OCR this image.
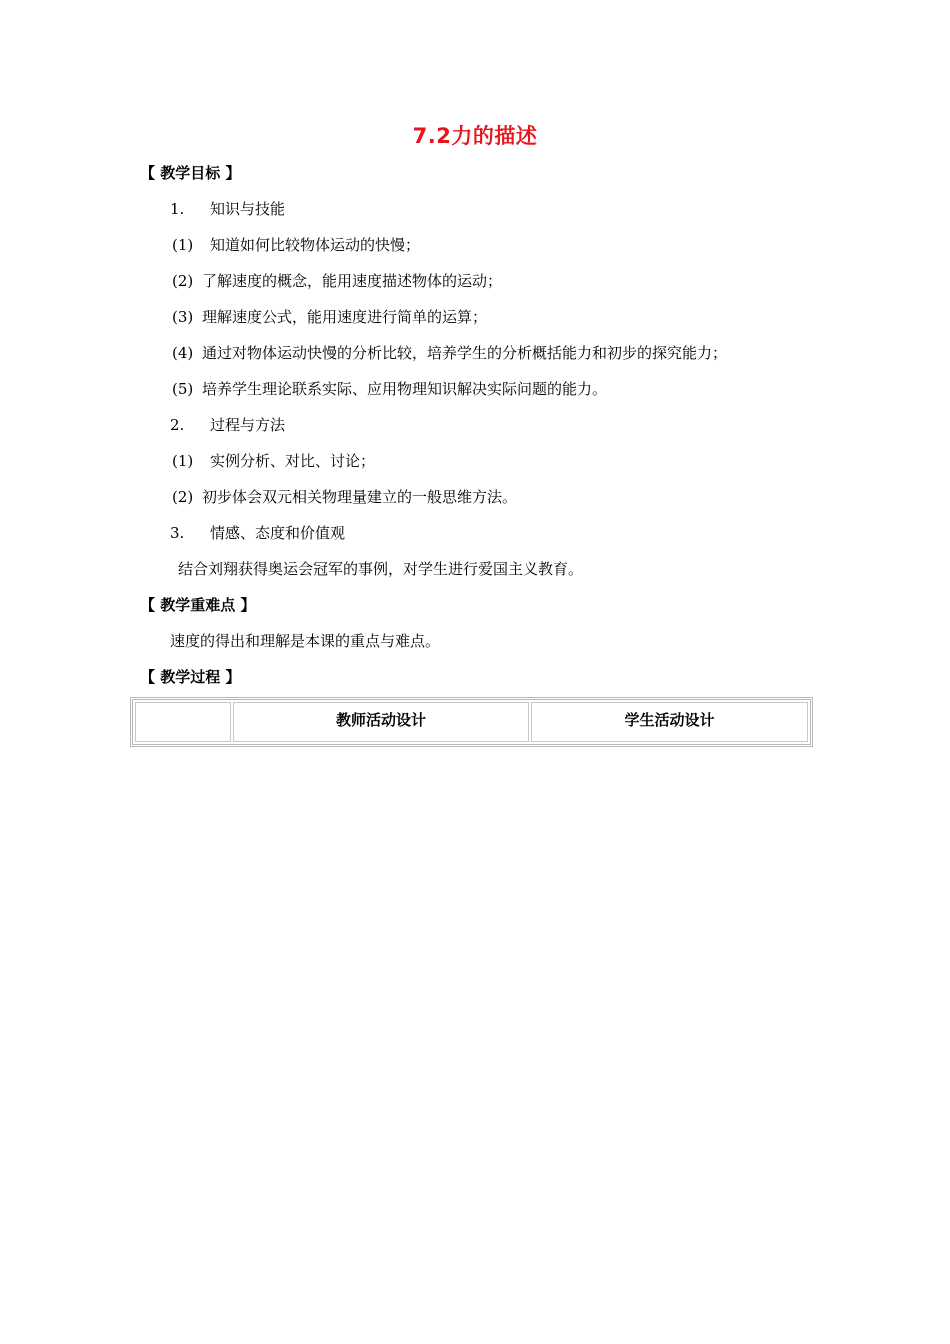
7.2力的描述
【 教学目标 】
1. 知识与技能
(1) 知道如何比较物体运动的快慢；
(2) 了解速度的概念，能用速度描述物体的运动；
(3) 理解速度公式，能用速度进行简单的运算；
(4) 通过对物体运动快慢的分析比较，培养学生的分析概括能力和初步的探究能力；
(5) 培养学生理论联系实际、应用物理知识解决实际问题的能力。
2. 过程与方法
(1) 实例分析、对比、讨论；
(2) 初步体会双元相关物理量建立的一般思维方法。
3. 情感、态度和价值观
结合刘翔获得奥运会冠军的事例，对学生进行爱国主义教育。
【 教学重难点 】
速度的得出和理解是本课的重点与难点。
【 教学过程 】
	教师活动设计	学生活动设计
